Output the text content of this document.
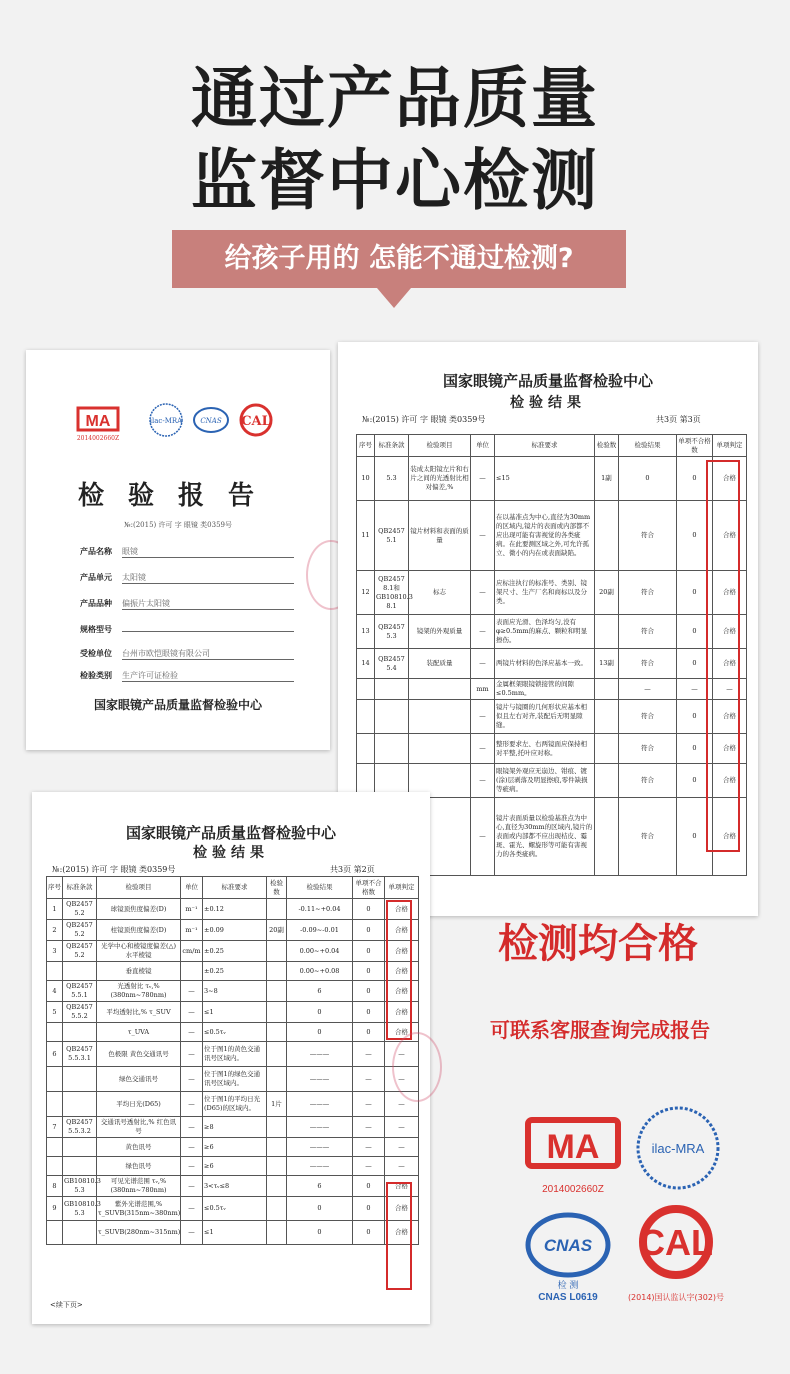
通过产品质量
监督中心检测
给孩子用的 怎能不通过检测?
MA
2014002660Z
ilac-MRA	CNAS CAL
检验报告
№:(2015) 许可 字 眼镜 类0359号
产品名称 眼镜
产品单元 太阳镜
产品品种 偏振片太阳镜
规格型号
受检单位 台州市欧恺眼镜有限公司
检验类别 生产许可证检验
国家眼镜产品质量监督检验中心
国家眼镜产品质量监督检验中心
检验结果
№:(2015) 许可 字 眼镜 类0359号	共3页 第3页
序号	标准条款	检验项目	单位	标准要求	检验数	检验结果	单项不合格数	单项判定
10	5.3	装成太阳镜左片和右片之间的光透射比相对偏差,%	—	≤15	1副	0	0	合格
11	QB2457 5.1	镜片材料和表面的质量	—	在以基准点为中心,直径为30mm的区域内,镜片的表面或内部都不应出现可能有害视觉的各类疵病。在此要测区域之外,可允许孤立、微小的内在或表面缺陷。		符合	0	合格
12	QB2457 8.1和GB10810.3 8.1	标志	—	应标注执行的标准号、类别、镜架尺寸、生产厂名和商标以及分类。	20副	符合	0	合格
13	QB2457 5.3	镜架的外观质量	—	表面应光滑、色泽均匀,没有φ≥0.5mm的麻点、颗粒和明显擦伤。		符合	0	合格
14	QB2457 5.4	装配质量	—	两镜片材料的色泽应基本一致。	13副	符合	0	合格
			mm	金属框架眼镜锁接管的间隙≤0.5mm。		—	—	—
			—	镜片与镜圈的几何形状应基本相似且左右对齐,装配后无明显隙缝。		符合	0	合格
			—	整形要求左、右两镜面应保持相对平整,托叶应对称。		符合	0	合格
			—	眼镜架外观应无崩边、钳痕、镀(涂)层剥落及明显擦痕,零件缺损等疵病。		符合	0	合格
			—	镜片表面质量以检验基准点为中心,直径为30mm的区域内,镜片的表面或内部都不应出现桔皮、霉斑、霍光、螺旋形等可能有害视力的各类疵病。		符合	0	合格
国家眼镜产品质量监督检验中心
检验结果
№:(2015) 许可 字 眼镜 类0359号	共3页 第2页
序号	标准条款	检验项目	单位	标准要求	检验数	检验结果	单项不合格数	单项判定
1	QB2457 5.2	球镜顶焦度偏差(D)	m⁻¹	±0.12		-0.11~+0.04	0	合格
2	QB2457 5.2	柱镜顶焦度偏差(D)	m⁻¹	±0.09	20副	-0.09~-0.01	0	合格
3	QB2457 5.2	光学中心和棱镜度偏差(△) 水平棱镜	cm/m	±0.25		0.00~+0.04	0	合格
		垂直棱镜		±0.25		0.00~+0.08	0	合格
4	QB2457 5.5.1	光透射比 τᵥ,%(380nm~780nm)	—	3~8		6	0	合格
5	QB2457 5.5.2	平均透射比,% τ_SUV	—	≤1		0	0	合格
		τ_UVA	—	≤0.5τᵥ		0	0	合格
6	QB2457 5.5.3.1	色极限 黄色交通讯号	—	位于图1的黄色交通讯号区域内。		———	—	—
		绿色交通讯号	—	位于图1的绿色交通讯号区域内。		———	—	—
		平均日光(D65)	—	位于图1的平均日光(D65)的区域内。	1片	———	—	—
7	QB2457 5.5.3.2	交通讯号透射比,% 红色讯号	—	≥8		———	—	—
		黄色讯号	—	≥6		———	—	—
		绿色讯号	—	≥6		———	—	—
8	GB10810.3 5.3	可见光谱范围 τᵥ,%(380nm~780nm)	—	3<τᵥ≤8		6	0	合格
9	GB10810.3 5.3	紫外光谱范围,% τ_SUVB(315nm~380nm)	—	≤0.5τᵥ		0	0	合格
		τ_SUVB(280nm~315nm)	—	≤1		0	0	合格
<续下页>
检测均合格
可联系客服查询完成报告
MA
2014002660Z
ilac-MRA
CNAS
检 测
CNAS L0619
CAL
(2014)国认监认字(302)号
